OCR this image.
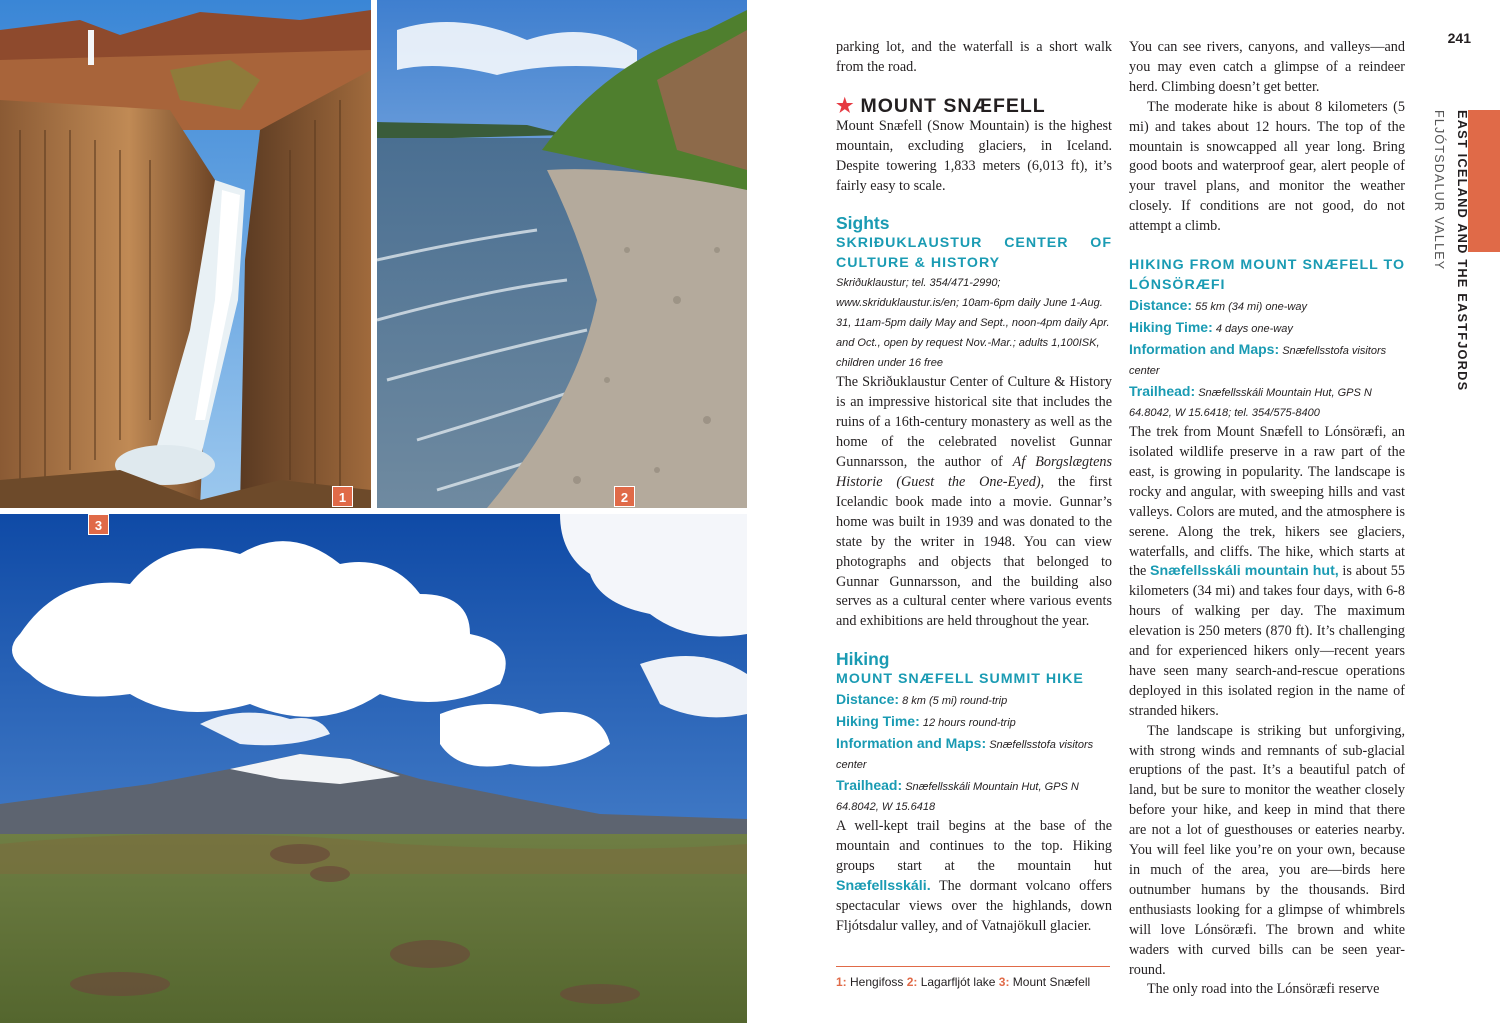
1	2
3

parking lot, and the waterfall is a short walk from the road.

★ MOUNT SNÆFELL

Mount Snæfell (Snow Mountain) is the highest mountain, excluding glaciers, in Iceland. Despite towering 1,833 meters (6,013 ft), it’s fairly easy to scale.

Sights

SKRIÐUKLAUSTUR CENTER OF CULTURE & HISTORY

Skriðuklaustur; tel. 354/471-2990; www.skriduklaustur.is/en; 10am-6pm daily June 1-Aug. 31, 11am-5pm daily May and Sept., noon-4pm daily Apr. and Oct., open by request Nov.-Mar.; adults 1,100ISK, children under 16 free

The Skriðuklaustur Center of Culture & History is an impressive historical site that includes the ruins of a 16th-century monastery as well as the home of the celebrated novelist Gunnar Gunnarsson, the author of Af Borgslægtens Historie (Guest the One-Eyed), the first Icelandic book made into a movie. Gunnar’s home was built in 1939 and was donated to the state by the writer in 1948. You can view photographs and objects that belonged to Gunnar Gunnarsson, and the building also serves as a cultural center where various events and exhibitions are held throughout the year.

Hiking

MOUNT SNÆFELL SUMMIT HIKE

Distance: 8 km (5 mi) round-trip

Hiking Time: 12 hours round-trip

Information and Maps: Snæfellsstofa visitors center

Trailhead: Snæfellsskáli Mountain Hut, GPS N 64.8042, W 15.6418

A well-kept trail begins at the base of the mountain and continues to the top. Hiking groups start at the mountain hut Snæfellsskáli. The dormant volcano offers spectacular views over the highlands, down Fljótsdalur valley, and of Vatnajökull glacier.

1: Hengifoss 2: Lagarfljót lake 3: Mount Snæfell

You can see rivers, canyons, and valleys—and you may even catch a glimpse of a reindeer herd. Climbing doesn’t get better.

The moderate hike is about 8 kilometers (5 mi) and takes about 12 hours. The top of the mountain is snowcapped all year long. Bring good boots and waterproof gear, alert people of your travel plans, and monitor the weather closely. If conditions are not good, do not attempt a climb.

HIKING FROM MOUNT SNÆFELL TO LÓNSÖRÆFI

Distance: 55 km (34 mi) one-way

Hiking Time: 4 days one-way

Information and Maps: Snæfellsstofa visitors center

Trailhead: Snæfellsskáli Mountain Hut, GPS N 64.8042, W 15.6418; tel. 354/575-8400

The trek from Mount Snæfell to Lónsöræfi, an isolated wildlife preserve in a raw part of the east, is growing in popularity. The landscape is rocky and angular, with sweeping hills and vast valleys. Colors are muted, and the atmosphere is serene. Along the trek, hikers see glaciers, waterfalls, and cliffs. The hike, which starts at the Snæfellsskáli mountain hut, is about 55 kilometers (34 mi) and takes four days, with 6-8 hours of walking per day. The maximum elevation is 250 meters (870 ft). It’s challenging and for experienced hikers only—recent years have seen many search-and-rescue operations deployed in this isolated region in the name of stranded hikers.

The landscape is striking but unforgiving, with strong winds and remnants of sub-glacial eruptions of the past. It’s a beautiful patch of land, but be sure to monitor the weather closely before your hike, and keep in mind that there are not a lot of guesthouses or eateries nearby. You will feel like you’re on your own, because in much of the area, you are—birds here outnumber humans by the thousands. Bird enthusiasts looking for a glimpse of whimbrels will love Lónsöræfi. The brown and white waders with curved bills can be seen year-round.

The only road into the Lónsöræfi reserve

241
EAST ICELAND AND THE EASTFJORDS
FLJÓTSDALUR VALLEY
